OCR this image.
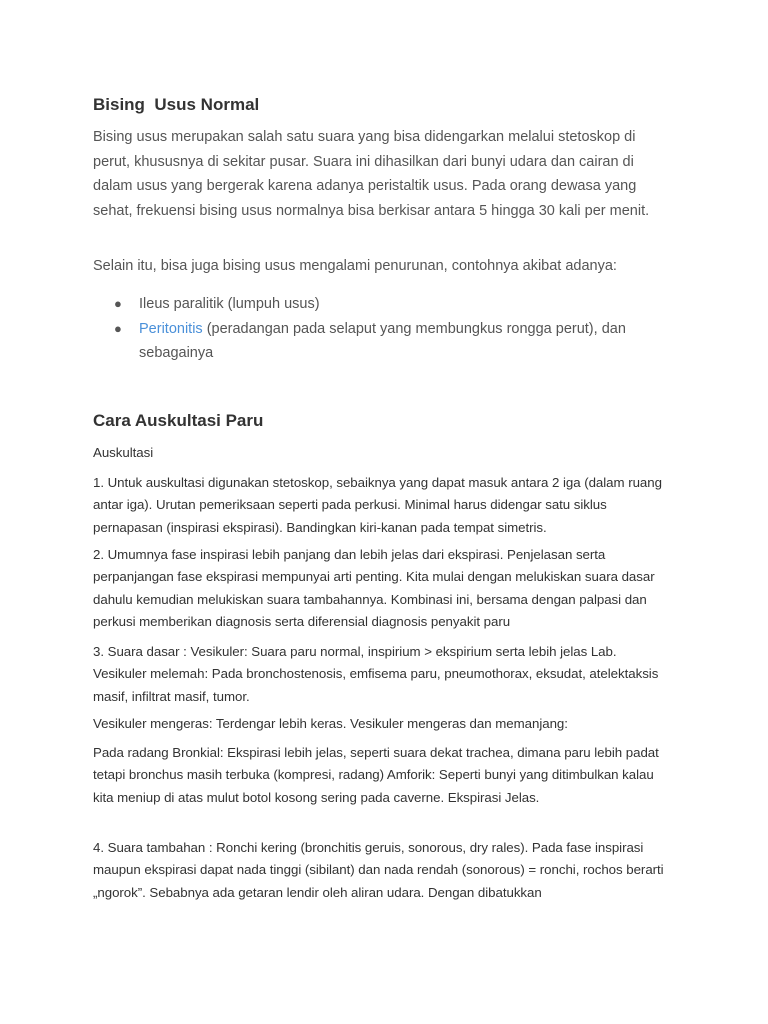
Bising  Usus Normal

Bising usus merupakan salah satu suara yang bisa didengarkan melalui stetoskop di perut, khususnya di sekitar pusar. Suara ini dihasilkan dari bunyi udara dan cairan di dalam usus yang bergerak karena adanya peristaltik usus. Pada orang dewasa yang sehat, frekuensi bising usus normalnya bisa berkisar antara 5 hingga 30 kali per menit.

Selain itu, bisa juga bising usus mengalami penurunan, contohnya akibat adanya:

● Ileus paralitik (lumpuh usus)
● Peritonitis (peradangan pada selaput yang membungkus rongga perut), dan sebagainya
Cara Auskultasi Paru

Auskultasi

1. Untuk auskultasi digunakan stetoskop, sebaiknya yang dapat masuk antara 2 iga (dalam ruang antar iga). Urutan pemeriksaan seperti pada perkusi. Minimal harus didengar satu siklus pernapasan (inspirasi ekspirasi). Bandingkan kiri-kanan pada tempat simetris.

2. Umumnya fase inspirasi lebih panjang dan lebih jelas dari ekspirasi. Penjelasan serta perpanjangan fase ekspirasi mempunyai arti penting. Kita mulai dengan melukiskan suara dasar dahulu kemudian melukiskan suara tambahannya. Kombinasi ini, bersama dengan palpasi dan perkusi memberikan diagnosis serta diferensial diagnosis penyakit paru

3. Suara dasar : Vesikuler: Suara paru normal, inspirium > ekspirium serta lebih jelas Lab. Vesikuler melemah: Pada bronchostenosis, emfisema paru, pneumothorax, eksudat, atelektaksis masif, infiltrat masif, tumor.

Vesikuler mengeras: Terdengar lebih keras. Vesikuler mengeras dan memanjang:

Pada radang Bronkial: Ekspirasi lebih jelas, seperti suara dekat trachea, dimana paru lebih padat tetapi bronchus masih terbuka (kompresi, radang) Amforik: Seperti bunyi yang ditimbulkan kalau kita meniup di atas mulut botol kosong sering pada caverne. Ekspirasi Jelas.

4. Suara tambahan : Ronchi kering (bronchitis geruis, sonorous, dry rales). Pada fase inspirasi maupun ekspirasi dapat nada tinggi (sibilant) dan nada rendah (sonorous) = ronchi, rochos berarti „ngorok”. Sebabnya ada getaran lendir oleh aliran udara. Dengan dibatukkan
